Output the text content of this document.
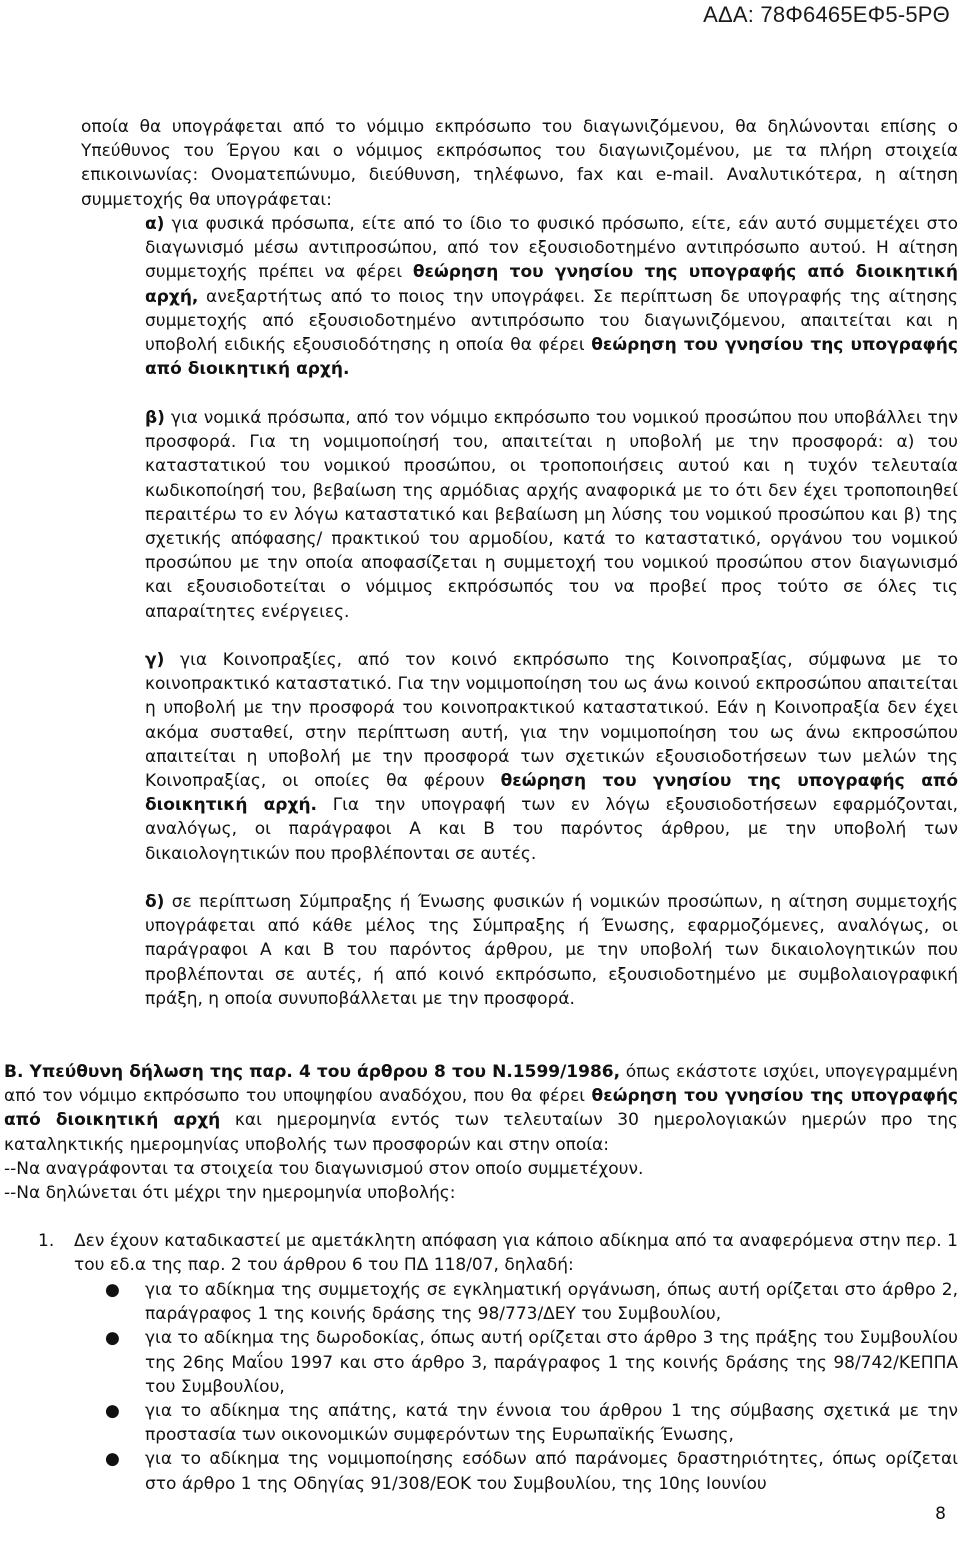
ΑΔΑ: 78Φ6465ΕΦ5-5ΡΘ
οποία θα υπογράφεται από το νόμιμο εκπρόσωπο του διαγωνιζόμενου, θα δηλώνονται επίσης ο Υπεύθυνος του Έργου και ο νόμιμος εκπρόσωπος του διαγωνιζομένου, με τα πλήρη στοιχεία επικοινωνίας: Ονοματεπώνυμο, διεύθυνση, τηλέφωνο, fax και e-mail. Αναλυτικότερα, η αίτηση συμμετοχής θα υπογράφεται:
α) για φυσικά πρόσωπα, είτε από το ίδιο το φυσικό πρόσωπο, είτε, εάν αυτό συμμετέχει στο διαγωνισμό μέσω αντιπροσώπου, από τον εξουσιοδοτημένο αντιπρόσωπο αυτού. Η αίτηση συμμετοχής πρέπει να φέρει θεώρηση του γνησίου της υπογραφής από διοικητική αρχή, ανεξαρτήτως από το ποιος την υπογράφει. Σε περίπτωση δε υπογραφής της αίτησης συμμετοχής από εξουσιοδοτημένο αντιπρόσωπο του διαγωνιζόμενου, απαιτείται και η υποβολή ειδικής εξουσιοδότησης η οποία θα φέρει θεώρηση του γνησίου της υπογραφής από διοικητική αρχή.
β) για νομικά πρόσωπα, από τον νόμιμο εκπρόσωπο του νομικού προσώπου που υποβάλλει την προσφορά. Για τη νομιμοποίησή του, απαιτείται η υποβολή με την προσφορά: α) του καταστατικού του νομικού προσώπου, οι τροποποιήσεις αυτού και η τυχόν τελευταία κωδικοποίησή του, βεβαίωση της αρμόδιας αρχής αναφορικά με το ότι δεν έχει τροποποιηθεί περαιτέρω το εν λόγω καταστατικό και βεβαίωση μη λύσης του νομικού προσώπου και β) της σχετικής απόφασης/ πρακτικού του αρμοδίου, κατά το καταστατικό, οργάνου του νομικού προσώπου με την οποία αποφασίζεται η συμμετοχή του νομικού προσώπου στον διαγωνισμό και εξουσιοδοτείται ο νόμιμος εκπρόσωπός του να προβεί προς τούτο σε όλες τις απαραίτητες ενέργειες.
γ) για Κοινοπραξίες, από τον κοινό εκπρόσωπο της Κοινοπραξίας, σύμφωνα με το κοινοπρακτικό καταστατικό. Για την νομιμοποίηση του ως άνω κοινού εκπροσώπου απαιτείται η υποβολή με την προσφορά του κοινοπρακτικού καταστατικού. Εάν η Κοινοπραξία δεν έχει ακόμα συσταθεί, στην περίπτωση αυτή, για την νομιμοποίηση του ως άνω εκπροσώπου απαιτείται η υποβολή με την προσφορά των σχετικών εξουσιοδοτήσεων των μελών της Κοινοπραξίας, οι οποίες θα φέρουν θεώρηση του γνησίου της υπογραφής από διοικητική αρχή. Για την υπογραφή των εν λόγω εξουσιοδοτήσεων εφαρμόζονται, αναλόγως, οι παράγραφοι Α και Β του παρόντος άρθρου, με την υποβολή των δικαιολογητικών που προβλέπονται σε αυτές.
δ) σε περίπτωση Σύμπραξης ή Ένωσης φυσικών ή νομικών προσώπων, η αίτηση συμμετοχής υπογράφεται από κάθε μέλος της Σύμπραξης ή Ένωσης, εφαρμοζόμενες, αναλόγως, οι παράγραφοι Α και Β του παρόντος άρθρου, με την υποβολή των δικαιολογητικών που προβλέπονται σε αυτές, ή από κοινό εκπρόσωπο, εξουσιοδοτημένο με συμβολαιογραφική πράξη, η οποία συνυποβάλλεται με την προσφορά.
Β. Υπεύθυνη δήλωση της παρ. 4 του άρθρου 8 του Ν.1599/1986, όπως εκάστοτε ισχύει, υπογεγραμμένη από τον νόμιμο εκπρόσωπο του υποψηφίου αναδόχου, που θα φέρει θεώρηση του γνησίου της υπογραφής από διοικητική αρχή και ημερομηνία εντός των τελευταίων 30 ημερολογιακών ημερών προ της καταληκτικής ημερομηνίας υποβολής των προσφορών και στην οποία:
--Να αναγράφονται τα στοιχεία του διαγωνισμού στον οποίο συμμετέχουν.
--Να δηλώνεται ότι μέχρι την ημερομηνία υποβολής:
1.	Δεν έχουν καταδικαστεί με αμετάκλητη απόφαση για κάποιο αδίκημα από τα αναφερόμενα στην περ. 1 του εδ.α της παρ. 2 του άρθρου 6 του ΠΔ 118/07, δηλαδή:
● για το αδίκημα της συμμετοχής σε εγκληματική οργάνωση, όπως αυτή ορίζεται στο άρθρο 2, παράγραφος 1 της κοινής δράσης της 98/773/ΔΕΥ του Συμβουλίου,
● για το αδίκημα της δωροδοκίας, όπως αυτή ορίζεται στο άρθρο 3 της πράξης του Συμβουλίου της 26ης Μαΐου 1997 και στο άρθρο 3, παράγραφος 1 της κοινής δράσης της 98/742/ΚΕΠΠΑ του Συμβουλίου,
● για το αδίκημα της απάτης, κατά την έννοια του άρθρου 1 της σύμβασης σχετικά με την προστασία των οικονομικών συμφερόντων της Ευρωπαϊκής Ένωσης,
● για το αδίκημα της νομιμοποίησης εσόδων από παράνομες δραστηριότητες, όπως ορίζεται στο άρθρο 1 της Οδηγίας 91/308/ΕΟΚ του Συμβουλίου, της 10ης Ιουνίου
8
